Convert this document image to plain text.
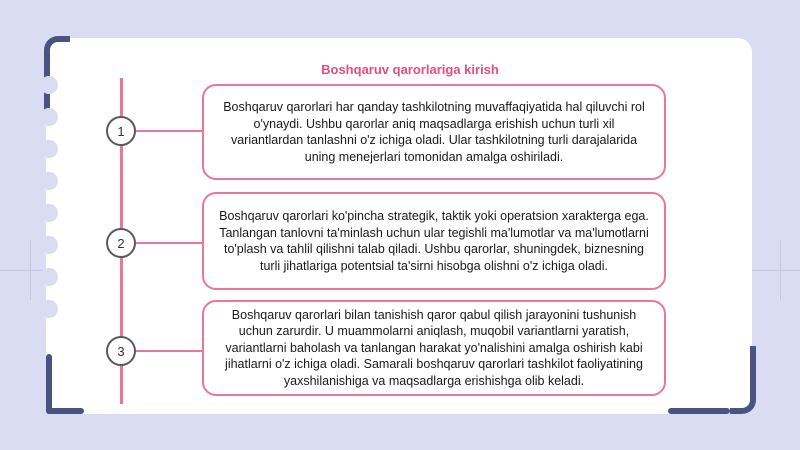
Boshqaruv qarorlariga kirish
1
Boshqaruv qarorlari har qanday tashkilotning muvaffaqiyatida hal qiluvchi rol o'ynaydi. Ushbu qarorlar aniq maqsadlarga erishish uchun turli xil variantlardan tanlashni o'z ichiga oladi. Ular tashkilotning turli darajalarida uning menejerlari tomonidan amalga oshiriladi.
2
Boshqaruv qarorlari ko'pincha strategik, taktik yoki operatsion xarakterga ega. Tanlangan tanlovni ta'minlash uchun ular tegishli ma'lumotlar va ma'lumotlarni to'plash va tahlil qilishni talab qiladi. Ushbu qarorlar, shuningdek, biznesning turli jihatlariga potentsial ta'sirni hisobga olishni o'z ichiga oladi.
3
Boshqaruv qarorlari bilan tanishish qaror qabul qilish jarayonini tushunish uchun zarurdir. U muammolarni aniqlash, muqobil variantlarni yaratish, variantlarni baholash va tanlangan harakat yo'nalishini amalga oshirish kabi jihatlarni o'z ichiga oladi. Samarali boshqaruv qarorlari tashkilot faoliyatining yaxshilanishiga va maqsadlarga erishishga olib keladi.
